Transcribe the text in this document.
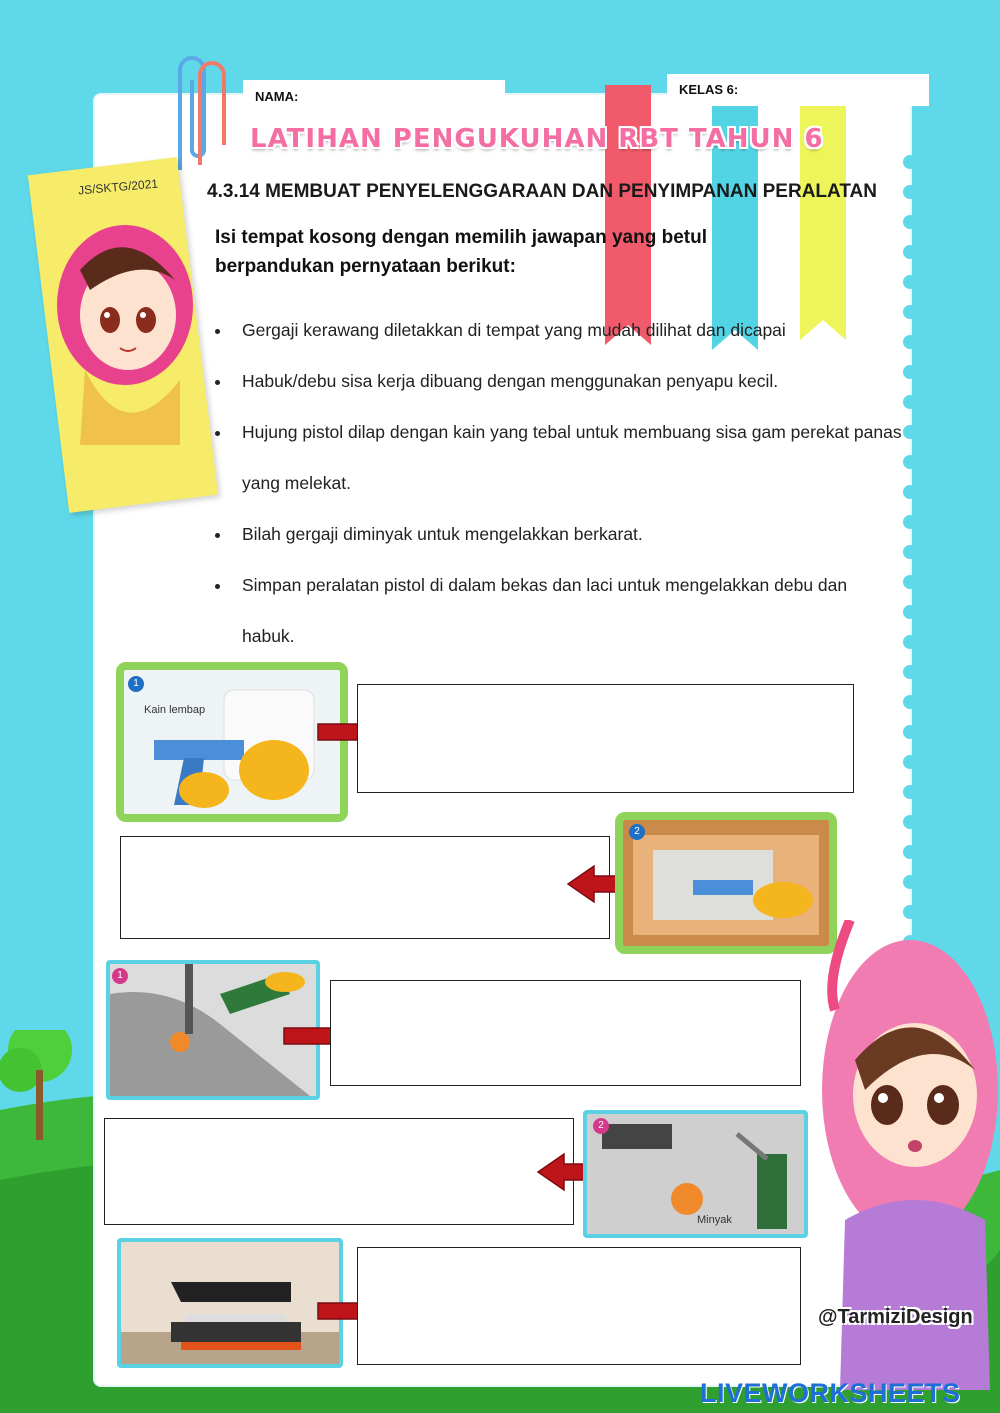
JS/SKTG/2021
NAMA:	KELAS 6:
LATIHAN PENGUKUHAN RBT TAHUN 6
4.3.14 MEMBUAT PENYELENGGARAAN DAN PENYIMPANAN PERALATAN
Isi tempat kosong dengan memilih jawapan yang betul berpandukan pernyataan berikut:
• Gergaji kerawang diletakkan di tempat yang mudah dilihat dan dicapai
• Habuk/debu sisa kerja dibuang dengan menggunakan penyapu kecil.
• Hujung pistol dilap dengan kain yang tebal untuk membuang sisa gam perekat panas yang melekat.
• Bilah gergaji diminyak untuk mengelakkan berkarat.
• Simpan peralatan pistol di dalam bekas dan laci untuk mengelakkan debu dan habuk.
1
Kain lembap
2
1
2
Minyak
@TarmiziDesign
LIVEWORKSHEETS
